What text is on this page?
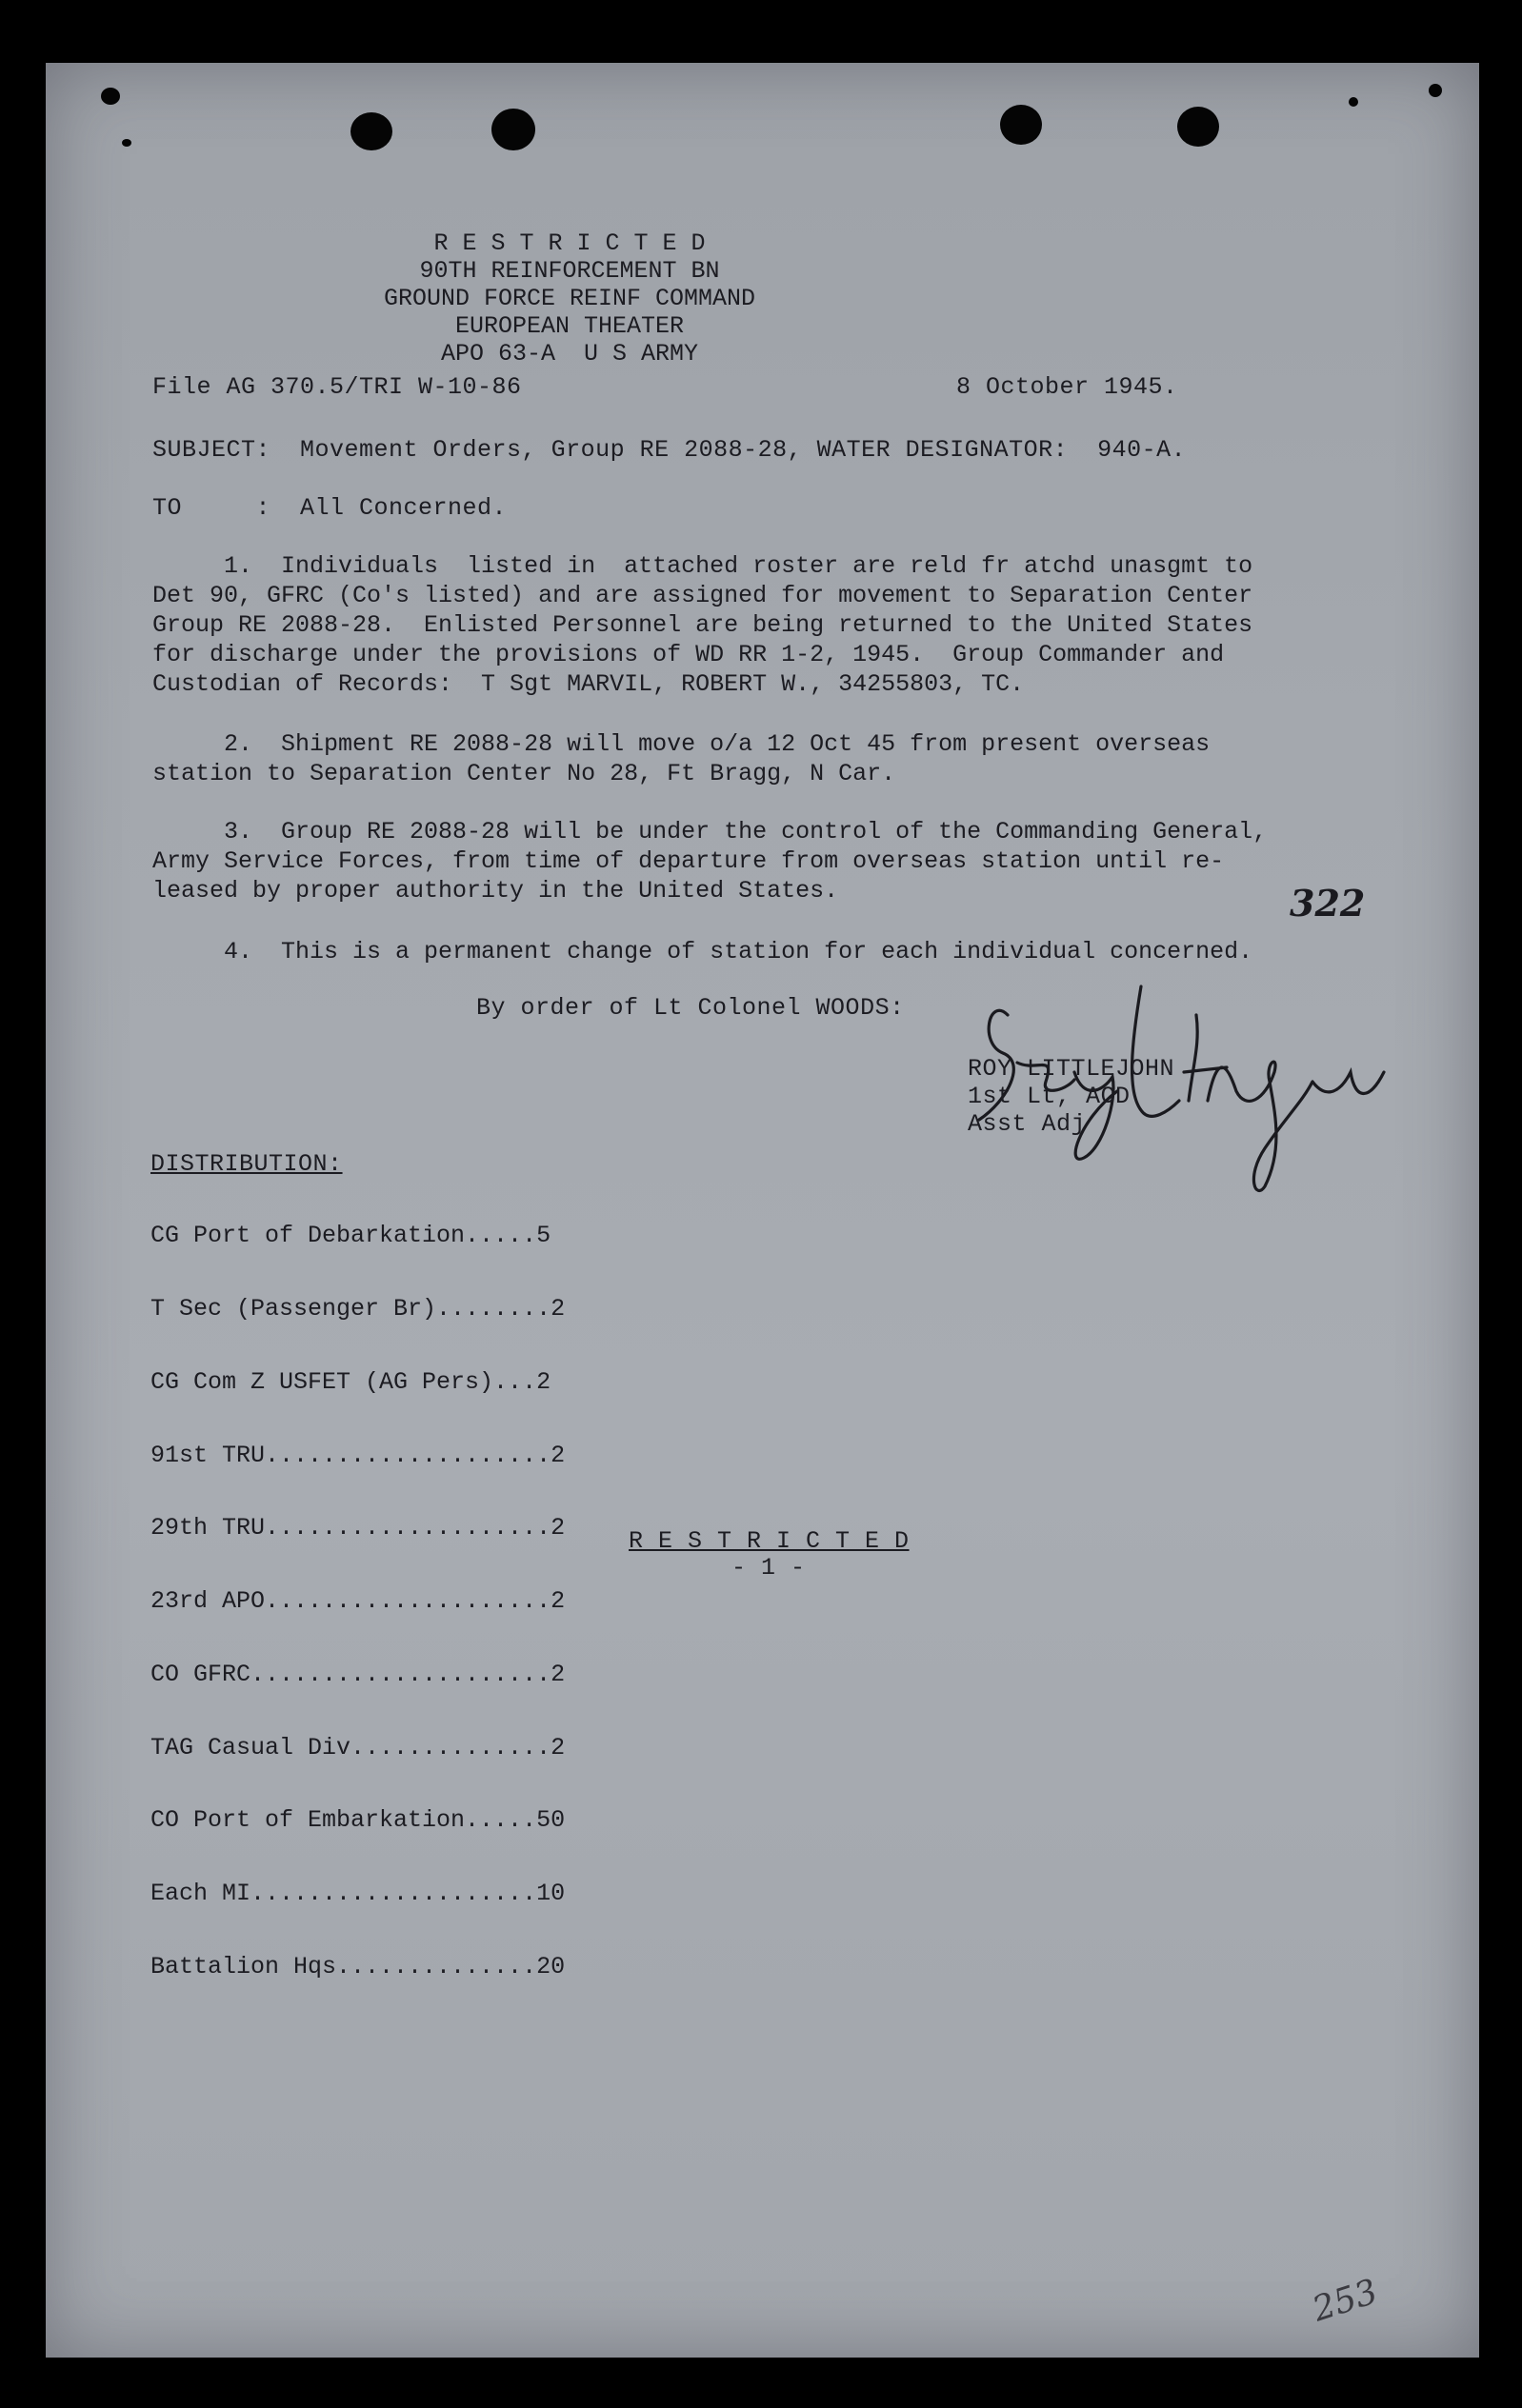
R E S T R I C T E D
90TH REINFORCEMENT BN
GROUND FORCE REINF COMMAND
EUROPEAN THEATER
APO 63-A  U S ARMY
File AG 370.5/TRI W-10-86	8 October 1945.
SUBJECT:  Movement Orders, Group RE 2088-28, WATER DESIGNATOR:  940-A.
TO     :  All Concerned.
1.  Individuals  listed in  attached roster are reld fr atchd unasgmt to
Det 90, GFRC (Co's listed) and are assigned for movement to Separation Center
Group RE 2088-28.  Enlisted Personnel are being returned to the United States
for discharge under the provisions of WD RR 1-2, 1945.  Group Commander and
Custodian of Records:  T Sgt MARVIL, ROBERT W., 34255803, TC.
2.  Shipment RE 2088-28 will move o/a 12 Oct 45 from present overseas
station to Separation Center No 28, Ft Bragg, N Car.
3.  Group RE 2088-28 will be under the control of the Commanding General,
Army Service Forces, from time of departure from overseas station until re-
leased by proper authority in the United States.
4.  This is a permanent change of station for each individual concerned.
322
By order of Lt Colonel WOODS:
ROY LITTLEJOHN
1st Lt, ACD
Asst Adj
DISTRIBUTION:

CG Port of Debarkation.....5

T Sec (Passenger Br)........2

CG Com Z USFET (AG Pers)...2

91st TRU....................2

29th TRU....................2

23rd APO....................2

CO GFRC.....................2

TAG Casual Div..............2

CO Port of Embarkation.....50

Each MI....................10

Battalion Hqs..............20

R E S T R I C T E D
- 1 -
253
